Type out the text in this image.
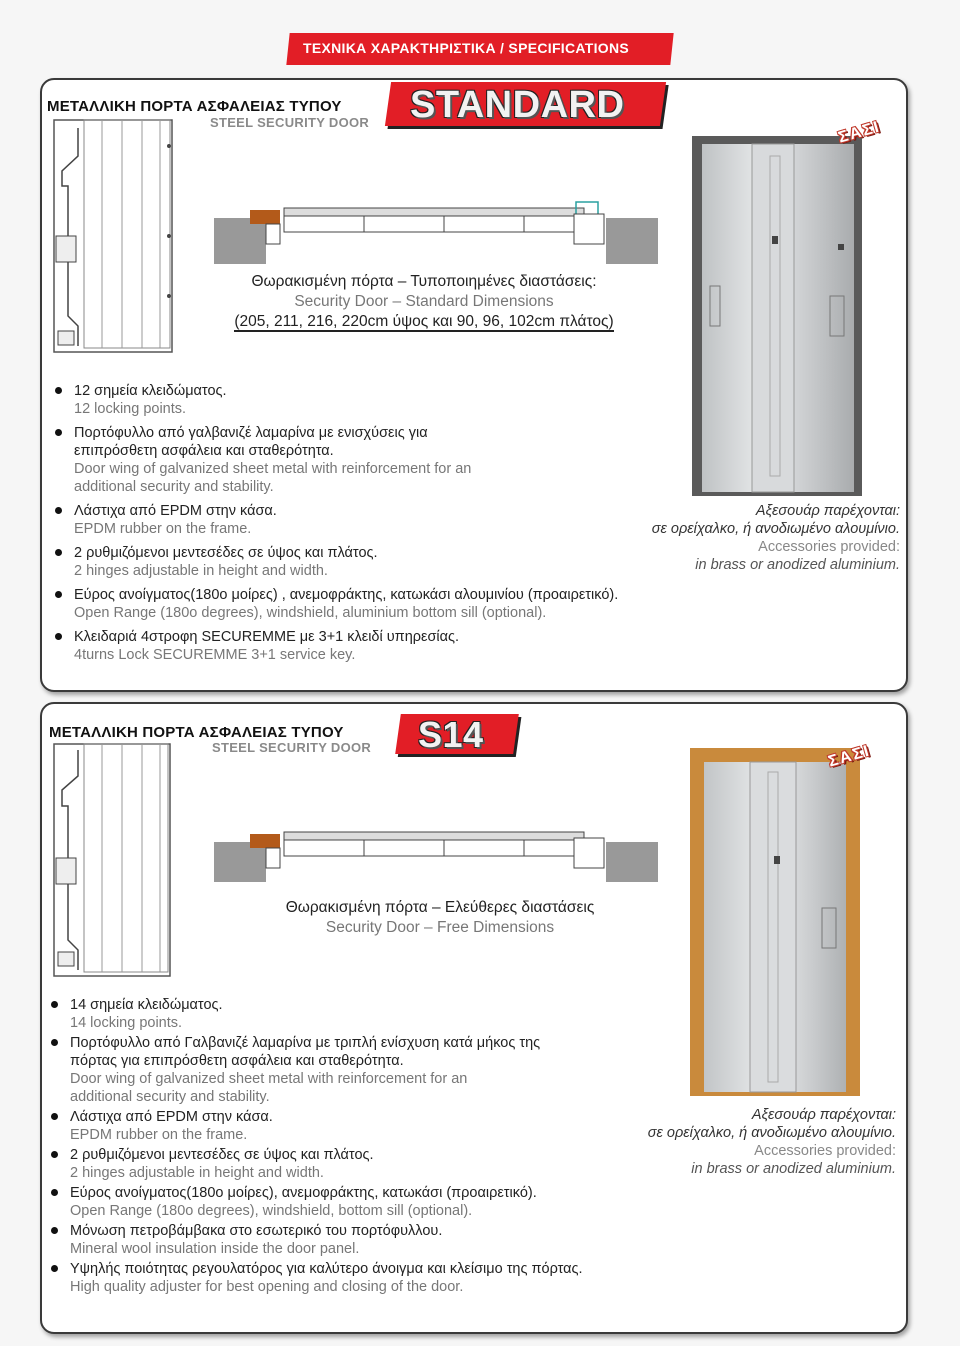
ΤΕΧΝΙΚΑ ΧΑΡΑΚΤΗΡΙΣΤΙΚΑ / SPECIFICATIONS
ΜΕΤΑΛΛΙΚΗ ΠΟΡΤΑ ΑΣΦΑΛΕΙΑΣ ΤΥΠΟΥ
STEEL SECURITY DOOR STANDARD
Θωρακισμένη πόρτα – Τυποποιημένες διαστάσεις:
Security Door – Standard Dimensions
(205, 211, 216, 220cm ύψος και 90, 96, 102cm πλάτος)
ΣΑΣΙ
Αξεσουάρ παρέχονται:
σε ορείχαλκο, ή ανοδιωμένο αλουμίνιο.
Accessories provided:
in brass or anodized aluminium.
12 σημεία κλειδώματος.
12 locking points.
Πορτόφυλλο από γαλβανιζέ λαμαρίνα με ενισχύσεις για επιπρόσθετη ασφάλεια και σταθερότητα.
Door wing of galvanized sheet metal with reinforcement for an additional security and stability.
Λάστιχα από EPDM στην κάσα.
EPDM rubber on the frame.
2 ρυθμιζόμενοι μεντεσέδες σε ύψος και πλάτος.
2 hinges adjustable in height and width.
Εύρος ανοίγματος(180ο μοίρες) , ανεμοφράκτης, κατωκάσι αλουμινίου (προαιρετικό).
Open Range (180o degrees), windshield, aluminium bottom sill (optional).
Κλειδαριά 4στροφη SECUREMME με 3+1 κλειδί υπηρεσίας.
4turns Lock SECUREMME 3+1 service key.
ΜΕΤΑΛΛΙΚΗ ΠΟΡΤΑ ΑΣΦΑΛΕΙΑΣ ΤΥΠΟΥ
STEEL SECURITY DOOR S14
Θωρακισμένη πόρτα – Ελεύθερες διαστάσεις
Security Door – Free Dimensions
ΣΑΣΙ
Αξεσουάρ παρέχονται:
σε ορείχαλκο, ή ανοδιωμένο αλουμίνιο.
Accessories provided:
in brass or anodized aluminium.
14 σημεία κλειδώματος.
14 locking points.
Πορτόφυλλο από Γαλβανιζέ λαμαρίνα με τριπλή ενίσχυση κατά μήκος της πόρτας για επιπρόσθετη ασφάλεια και σταθερότητα.
Door wing of galvanized sheet metal with reinforcement for an additional security and stability.
Λάστιχα από EPDM στην κάσα.
EPDM rubber on the frame.
2 ρυθμιζόμενοι μεντεσέδες σε ύψος και πλάτος.
2 hinges adjustable in height and width.
Εύρος ανοίγματος(180ο μοίρες), ανεμοφράκτης, κατωκάσι (προαιρετικό).
Open Range (180o degrees), windshield, bottom sill (optional).
Μόνωση πετροβάμβακα στο εσωτερικό του πορτόφυλλου.
Mineral wool insulation inside the door panel.
Υψηλής ποιότητας ρεγουλατόρος για καλύτερο άνοιγμα και κλείσιμο της πόρτας.
High quality adjuster for best opening and closing of the door.
